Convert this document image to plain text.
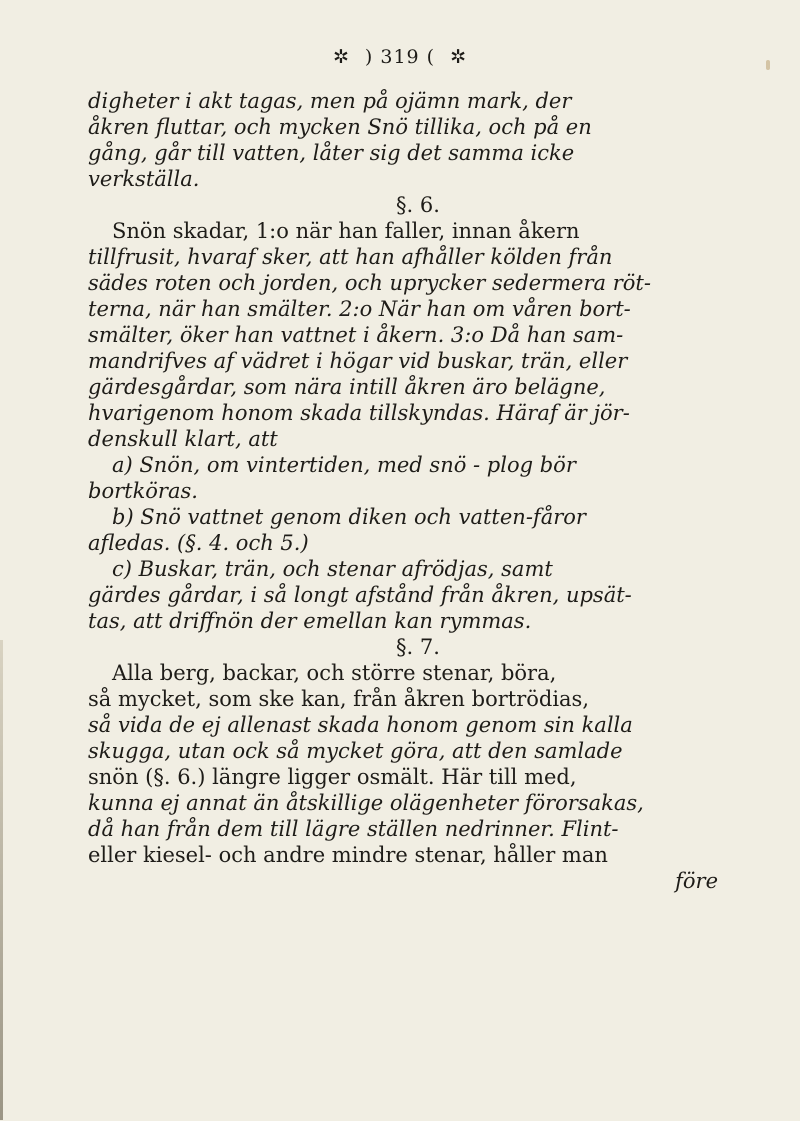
✲ ) 319 ( ✲
digheter i akt tagas, men på ojämn mark, der
åkren fluttar, och mycken Snö tillika, och på en
gång, går till vatten, låter sig det samma icke
verkställa.
§. 6.
Snön skadar, 1:o när han faller, innan åkern
tillfrusit, hvaraf sker, att han afhåller kölden från
sädes roten och jorden, och uprycker sedermera röt-
terna, när han smälter. 2:o När han om våren bort-
smälter, öker han vattnet i åkern. 3:o Då han sam-
mandrifves af vädret i högar vid buskar, trän, eller
gärdesgårdar, som nära intill åkren äro belägne,
hvarigenom honom skada tillskyndas. Häraf är jör-
denskull klart, att
a) Snön, om vintertiden, med snö - plog bör
bortköras.
b) Snö vattnet genom diken och vatten-fåror
afledas. (§. 4. och 5.)
c) Buskar, trän, och stenar afrödjas, samt
gärdes gårdar, i så longt afstånd från åkren, upsät-
tas, att driffnön der emellan kan rymmas.
§. 7.
Alla berg, backar, och större stenar, böra,
så mycket, som ske kan, från åkren bortrödias,
så vida de ej allenast skada honom genom sin kalla
skugga, utan ock så mycket göra, att den samlade
snön (§. 6.) längre ligger osmält. Här till med,
kunna ej annat än åtskillige olägenheter förorsakas,
då han från dem till lägre ställen nedrinner. Flint-
eller kiesel- och andre mindre stenar, håller man
före
